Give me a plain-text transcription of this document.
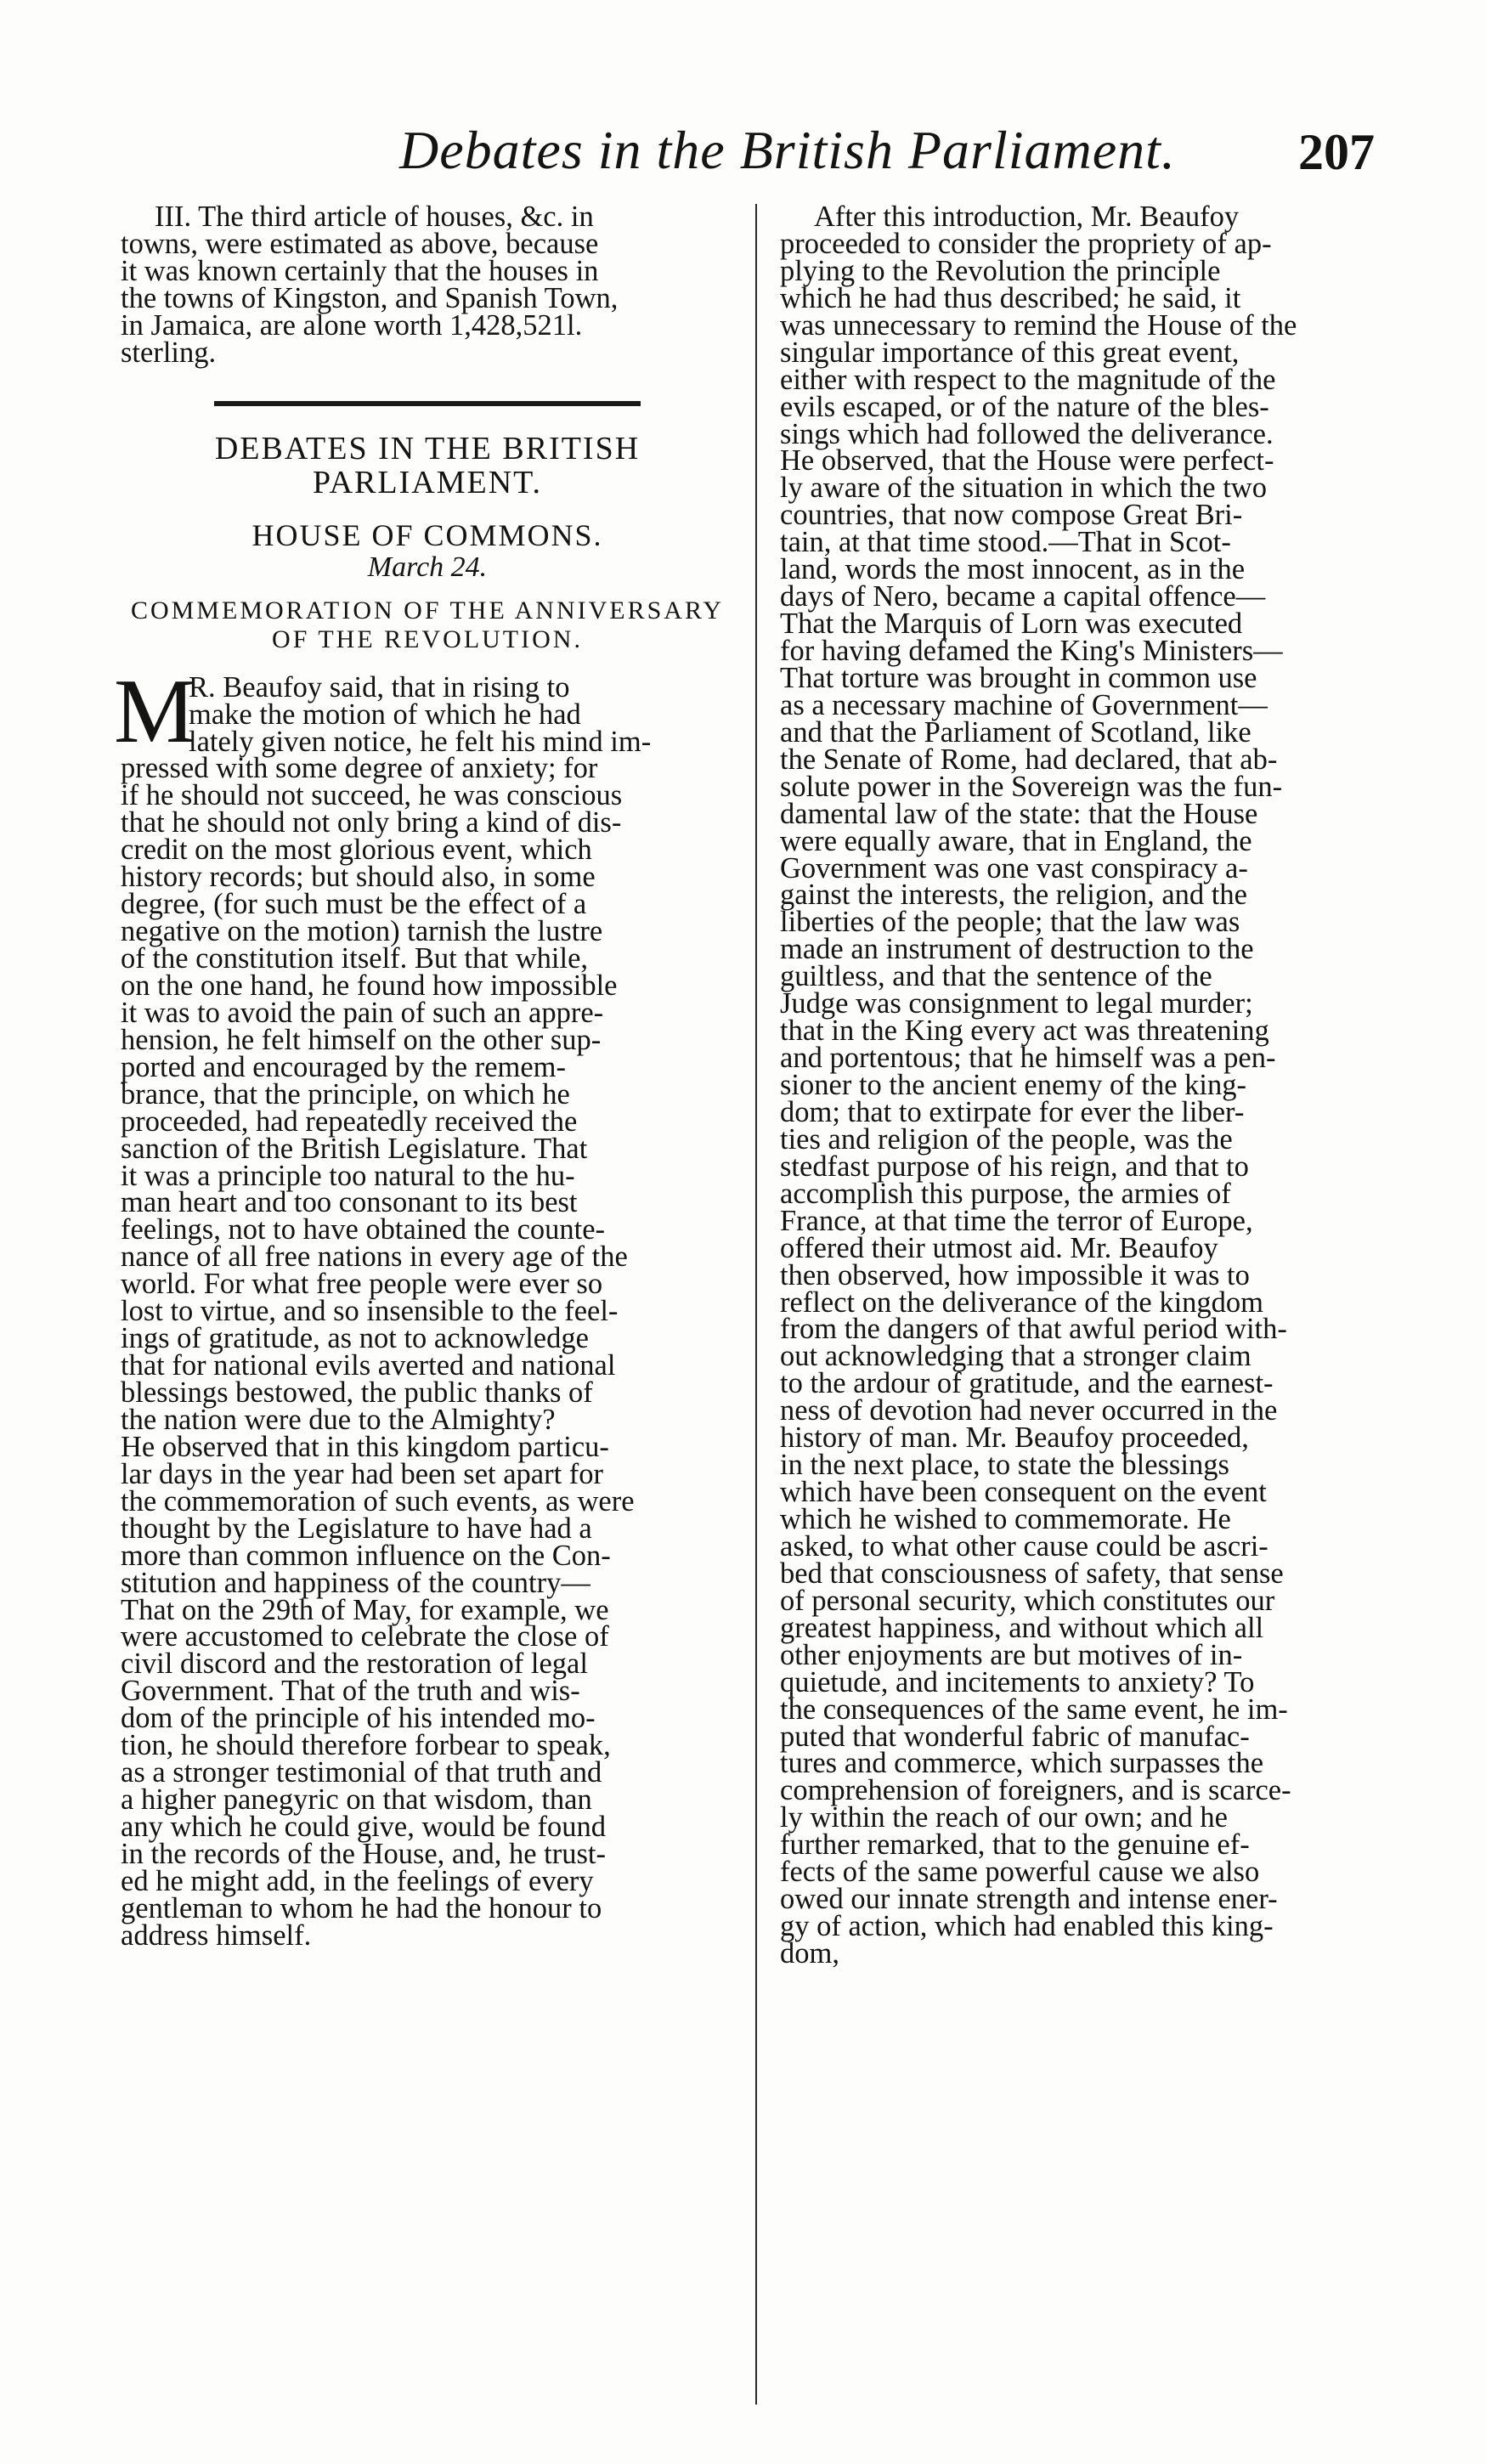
Debates in the British Parliament. 207
III. The third article of houses, &c. in
towns, were estimated as above, because
it was known certainly that the houses in
the towns of Kingston, and Spanish Town,
in Jamaica, are alone worth 1,428,521l.
sterling.
DEBATES IN THE BRITISH PARLIAMENT.
HOUSE OF COMMONS.
March 24.
COMMEMORATION OF THE ANNIVERSARY OF THE REVOLUTION.
M
R. Beaufoy said, that in rising to
make the motion of which he had
lately given notice, he felt his mind im-
pressed with some degree of anxiety; for
if he should not succeed, he was conscious
that he should not only bring a kind of dis-
credit on the most glorious event, which
history records; but should also, in some
degree, (for such must be the effect of a
negative on the motion) tarnish the lustre
of the constitution itself. But that while,
on the one hand, he found how impossible
it was to avoid the pain of such an appre-
hension, he felt himself on the other sup-
ported and encouraged by the remem-
brance, that the principle, on which he
proceeded, had repeatedly received the
sanction of the British Legislature. That
it was a principle too natural to the hu-
man heart and too consonant to its best
feelings, not to have obtained the counte-
nance of all free nations in every age of the
world. For what free people were ever so
lost to virtue, and so insensible to the feel-
ings of gratitude, as not to acknowledge
that for national evils averted and national
blessings bestowed, the public thanks of
the nation were due to the Almighty?
He observed that in this kingdom particu-
lar days in the year had been set apart for
the commemoration of such events, as were
thought by the Legislature to have had a
more than common influence on the Con-
stitution and happiness of the country—
That on the 29th of May, for example, we
were accustomed to celebrate the close of
civil discord and the restoration of legal
Government. That of the truth and wis-
dom of the principle of his intended mo-
tion, he should therefore forbear to speak,
as a stronger testimonial of that truth and
a higher panegyric on that wisdom, than
any which he could give, would be found
in the records of the House, and, he trust-
ed he might add, in the feelings of every
gentleman to whom he had the honour to
address himself.
After this introduction, Mr. Beaufoy
proceeded to consider the propriety of ap-
plying to the Revolution the principle
which he had thus described; he said, it
was unnecessary to remind the House of the
singular importance of this great event,
either with respect to the magnitude of the
evils escaped, or of the nature of the bles-
sings which had followed the deliverance.
He observed, that the House were perfect-
ly aware of the situation in which the two
countries, that now compose Great Bri-
tain, at that time stood.—That in Scot-
land, words the most innocent, as in the
days of Nero, became a capital offence—
That the Marquis of Lorn was executed
for having defamed the King's Ministers—
That torture was brought in common use
as a necessary machine of Government—
and that the Parliament of Scotland, like
the Senate of Rome, had declared, that ab-
solute power in the Sovereign was the fun-
damental law of the state: that the House
were equally aware, that in England, the
Government was one vast conspiracy a-
gainst the interests, the religion, and the
liberties of the people; that the law was
made an instrument of destruction to the
guiltless, and that the sentence of the
Judge was consignment to legal murder;
that in the King every act was threatening
and portentous; that he himself was a pen-
sioner to the ancient enemy of the king-
dom; that to extirpate for ever the liber-
ties and religion of the people, was the
stedfast purpose of his reign, and that to
accomplish this purpose, the armies of
France, at that time the terror of Europe,
offered their utmost aid. Mr. Beaufoy
then observed, how impossible it was to
reflect on the deliverance of the kingdom
from the dangers of that awful period with-
out acknowledging that a stronger claim
to the ardour of gratitude, and the earnest-
ness of devotion had never occurred in the
history of man. Mr. Beaufoy proceeded,
in the next place, to state the blessings
which have been consequent on the event
which he wished to commemorate. He
asked, to what other cause could be ascri-
bed that consciousness of safety, that sense
of personal security, which constitutes our
greatest happiness, and without which all
other enjoyments are but motives of in-
quietude, and incitements to anxiety? To
the consequences of the same event, he im-
puted that wonderful fabric of manufac-
tures and commerce, which surpasses the
comprehension of foreigners, and is scarce-
ly within the reach of our own; and he
further remarked, that to the genuine ef-
fects of the same powerful cause we also
owed our innate strength and intense ener-
gy of action, which had enabled this king-
dom,
